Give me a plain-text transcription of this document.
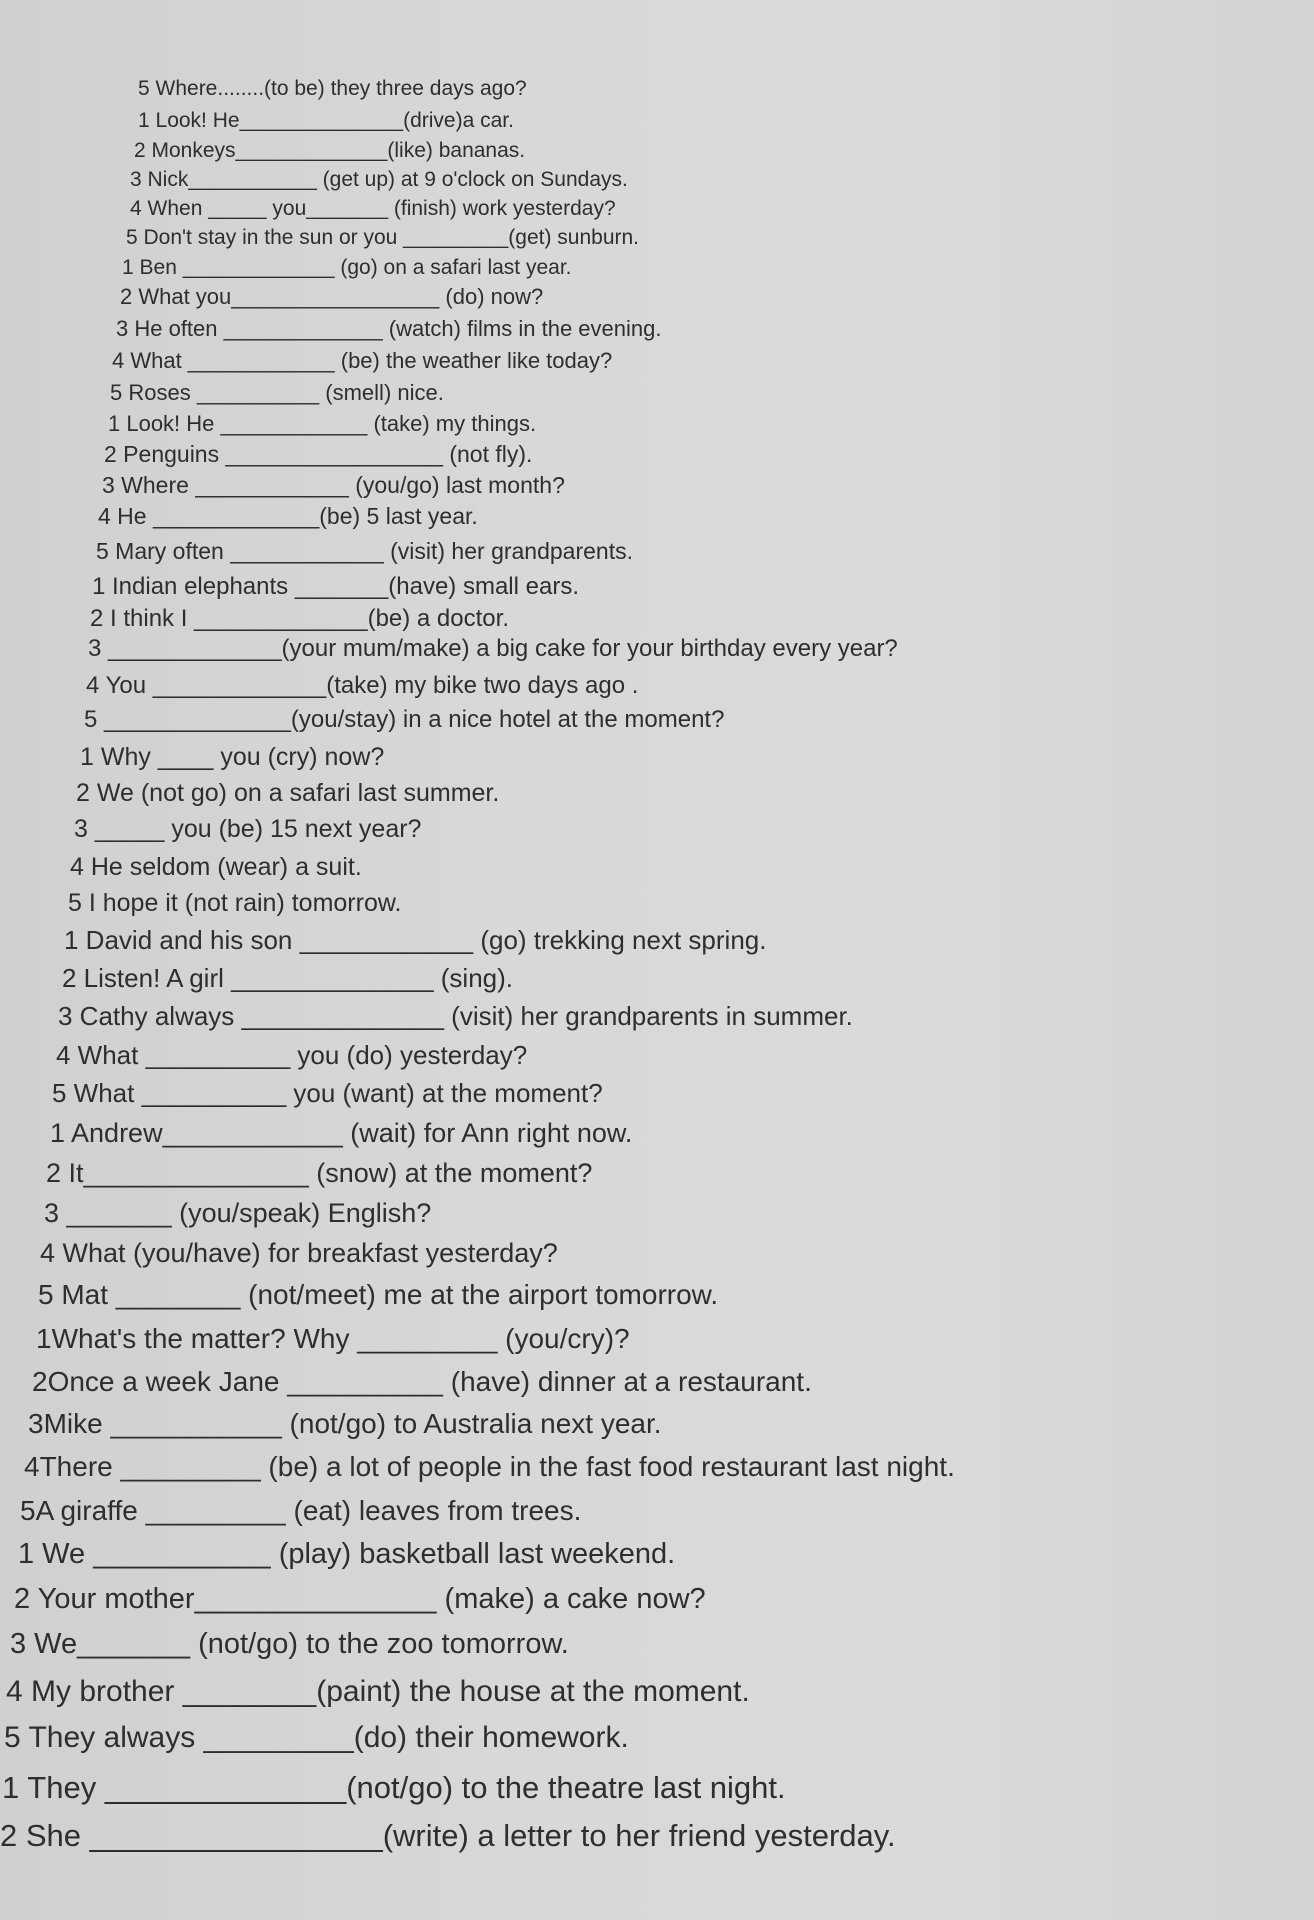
5 Where........(to be) they three days ago?
1 Look! He______________(drive)a car.
2 Monkeys_____________(like) bananas.
3 Nick___________ (get up) at 9 o'clock on Sundays.
4 When _____ you_______ (finish) work yesterday?
5 Don't stay in the sun or you _________(get) sunburn.
1 Ben _____________ (go) on a safari last year.
2 What you_________________ (do) now?
3 He often _____________ (watch) films in the evening.
4 What ____________ (be) the weather like today?
5 Roses __________ (smell) nice.
1 Look! He ____________ (take) my things.
2 Penguins _________________ (not fly).
3 Where ____________ (you/go) last month?
4 He _____________(be) 5 last year.
5 Mary often ____________ (visit) her grandparents.
1 Indian elephants _______(have) small ears.
2 I think I _____________(be) a doctor.
3 _____________(your mum/make) a big cake for your birthday every year?
4 You _____________(take) my bike two days ago .
5 ______________(you/stay) in a nice hotel at the moment?
1 Why ____ you (cry) now?
2 We (not go) on a safari last summer.
3 _____ you (be) 15 next year?
4 He seldom (wear) a suit.
5 I hope it (not rain) tomorrow.
1 David and his son ____________ (go) trekking next spring.
2 Listen! A girl ______________ (sing).
3 Cathy always ______________ (visit) her grandparents in summer.
4 What __________ you (do) yesterday?
5 What __________ you (want) at the moment?
1 Andrew____________ (wait) for Ann right now.
2 It_______________ (snow) at the moment?
3 _______ (you/speak) English?
4 What (you/have) for breakfast yesterday?
5 Mat ________ (not/meet) me at the airport tomorrow.
1What's the matter? Why _________ (you/cry)?
2Once a week Jane __________ (have) dinner at a restaurant.
3Mike ___________ (not/go) to Australia next year.
4There _________ (be) a lot of people in the fast food restaurant last night.
5A giraffe _________ (eat) leaves from trees.
1 We ___________ (play) basketball last weekend.
2 Your mother_______________ (make) a cake now?
3 We_______ (not/go) to the zoo tomorrow.
4 My brother ________(paint) the house at the moment.
5 They always _________(do) their homework.
1 They ______________(not/go) to the theatre last night.
2 She _________________(write) a letter to her friend yesterday.
